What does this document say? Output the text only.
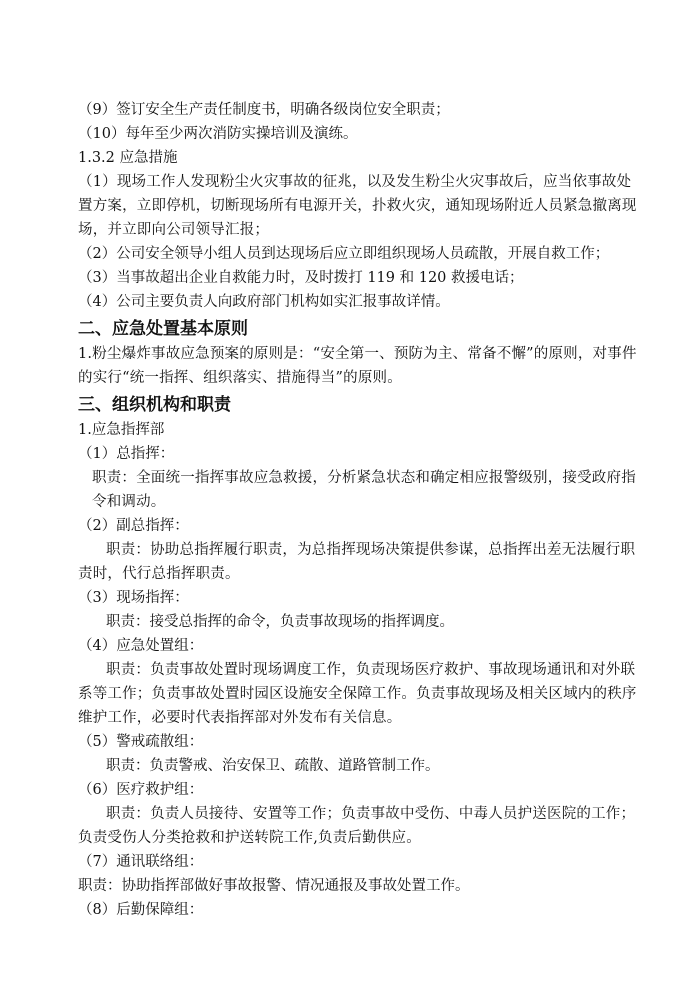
（9）签订安全生产责任制度书，明确各级岗位安全职责；
（10）每年至少两次消防实操培训及演练。
1.3.2 应急措施
（1）现场工作人发现粉尘火灾事故的征兆，以及发生粉尘火灾事故后，应当依事故处置方案，立即停机，切断现场所有电源开关，扑救火灾，通知现场附近人员紧急撤离现场，并立即向公司领导汇报；
（2）公司安全领导小组人员到达现场后应立即组织现场人员疏散，开展自救工作；
（3）当事故超出企业自救能力时，及时拨打 119 和 120 救援电话；
（4）公司主要负责人向政府部门机构如实汇报事故详情。
二、应急处置基本原则
1.粉尘爆炸事故应急预案的原则是：“安全第一、预防为主、常备不懈”的原则，对事件的实行“统一指挥、组织落实、措施得当”的原则。
三、组织机构和职责
1.应急指挥部
（1）总指挥：
职责：全面统一指挥事故应急救援，分析紧急状态和确定相应报警级别，接受政府指令和调动。
（2）副总指挥：
职责：协助总指挥履行职责，为总指挥现场决策提供参谋，总指挥出差无法履行职责时，代行总指挥职责。
（3）现场指挥：
职责：接受总指挥的命令，负责事故现场的指挥调度。
（4）应急处置组：
职责：负责事故处置时现场调度工作，负责现场医疗救护、事故现场通讯和对外联系等工作；负责事故处置时园区设施安全保障工作。负责事故现场及相关区域内的秩序维护工作，必要时代表指挥部对外发布有关信息。
（5）警戒疏散组：
职责：负责警戒、治安保卫、疏散、道路管制工作。
（6）医疗救护组：
职责：负责人员接待、安置等工作；负责事故中受伤、中毒人员护送医院的工作；负责受伤人分类抢救和护送转院工作,负责后勤供应。
（7）通讯联络组：
职责：协助指挥部做好事故报警、情况通报及事故处置工作。
（8）后勤保障组：
